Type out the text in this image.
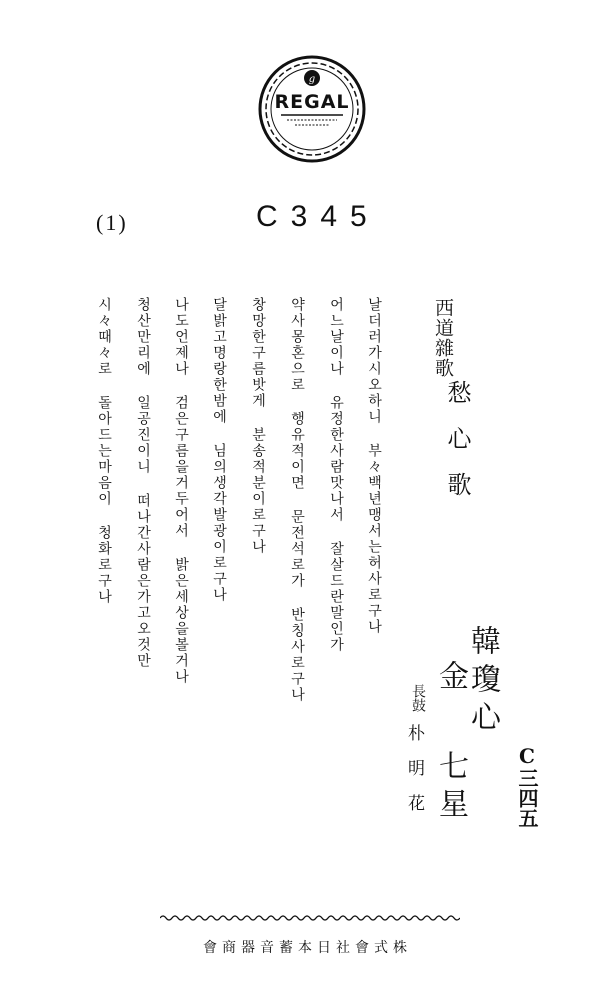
g
REGAL
(1)	C345
西道雜歌
愁心歌
韓瓊心
金
七星
長鼓
朴明花	C三四五
날더러가시오하니 부々백년맹서는허사로구나
어느날이나 유정한사람맛나서 잘살드란말인가
약사몽혼으로 행유적이면 문전석로가 반칭사로구나
창망한구름밧게 분송적분이로구나
달밝고명랑한밤에 님의생각발광이로구나
나도언제나 검은구름을거두어서 밝은세상을볼거나
청산만리에 일공진이니 떠나간사람은가고오것만
시々때々로 돌아드는마음이 청화로구나
株式會社日本蓄音器商會
